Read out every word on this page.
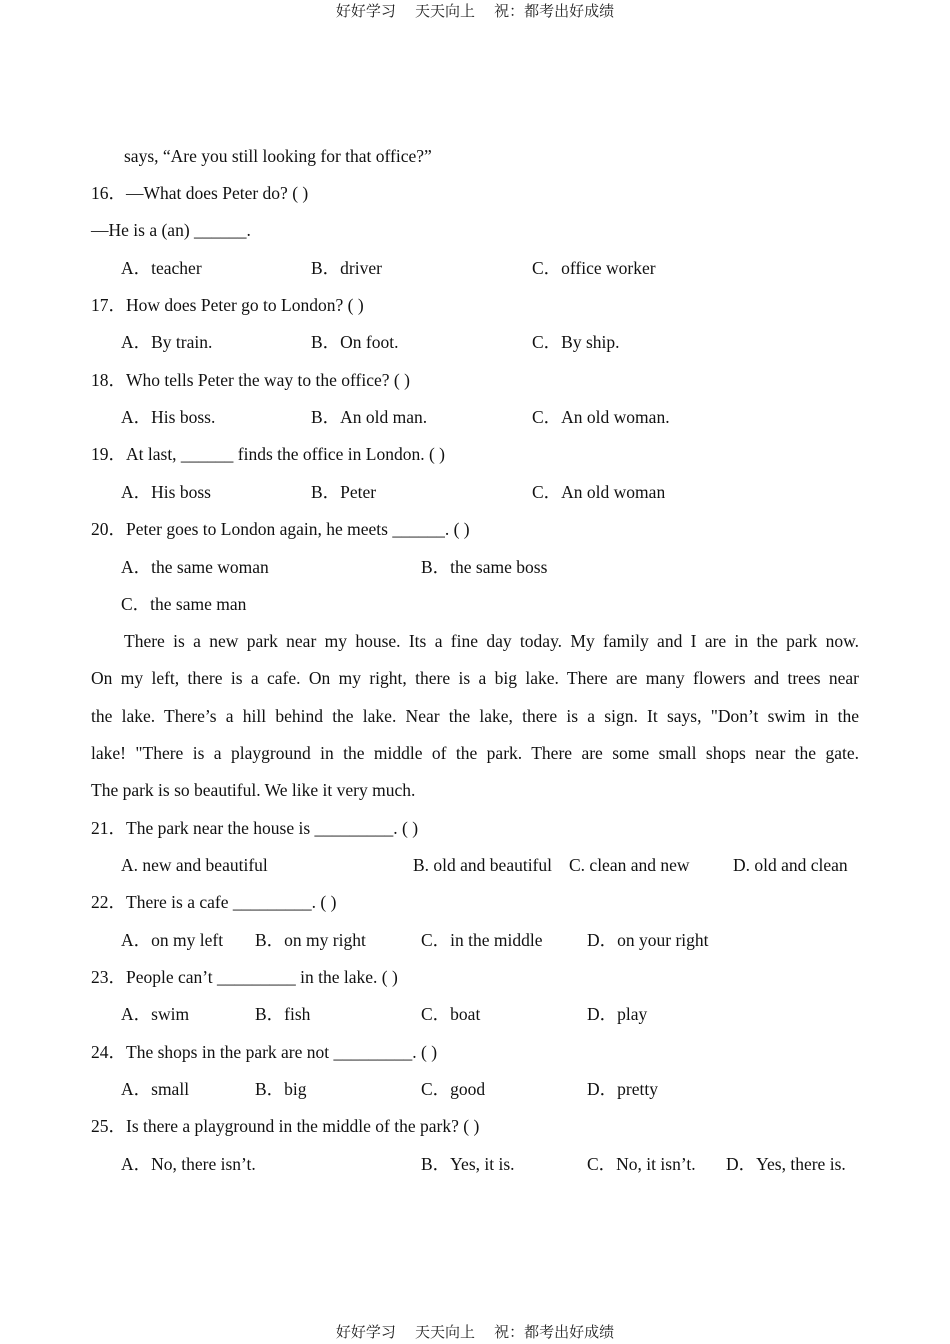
好好学习    天天向上    祝：都考出好成绩
says, “Are you still looking for that office?”
16．—What does Peter do? ( )
—He is a (an) ______.
A．teacher	B．driver	C．office worker
17．How does Peter go to London? ( )
A．By train.	B．On foot.	C．By ship.
18．Who tells Peter the way to the office? ( )
A．His boss.	B．An old man.	C．An old woman.
19．At last, ______ finds the office in London. ( )
A．His boss	B．Peter	C．An old woman
20．Peter goes to London again, he meets ______. ( )
A．the same woman	B．the same boss
C．the same man
There is a new park near my house. Its a fine day today. My family and I are in the park now.
On my left, there is a cafe. On my right, there is a big lake. There are many flowers and trees near
the lake. There’s a hill behind the lake. Near the lake, there is a sign. It says, "Don’t swim in the
lake! "There is a playground in the middle of the park. There are some small shops near the gate.
The park is so beautiful. We like it very much.
21．The park near the house is _________. ( )
A. new and beautiful	B. old and beautiful C. clean and new D. old and clean
22．There is a cafe _________. ( )
A．on my left B．on my right	C．in the middle	D．on your right
23．People can’t _________ in the lake. ( )
A．swim	B．fish	C．boat	D．play
24．The shops in the park are not _________. ( )
A．small	B．big	C．good	D．pretty
25．Is there a playground in the middle of the park? ( )
A．No, there isn’t.	B．Yes, it is.	C．No, it isn’t. D．Yes, there is.
好好学习    天天向上    祝：都考出好成绩
